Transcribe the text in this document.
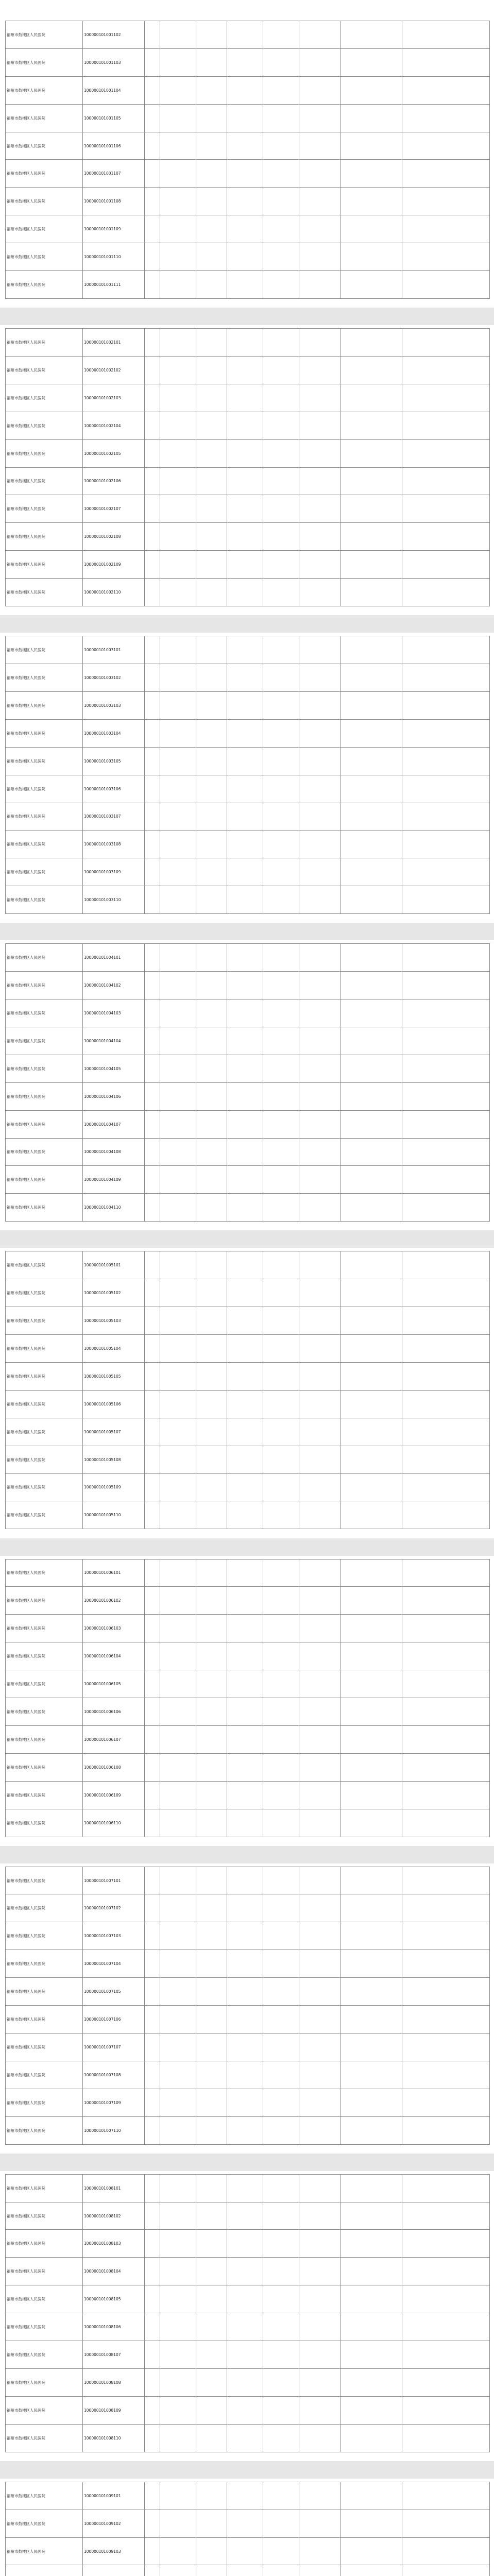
福州市鼓楼区人民医院	100000101001102								
福州市鼓楼区人民医院	100000101001103								
福州市鼓楼区人民医院	100000101001104								
福州市鼓楼区人民医院	100000101001105								
福州市鼓楼区人民医院	100000101001106								
福州市鼓楼区人民医院	100000101001107								
福州市鼓楼区人民医院	100000101001108								
福州市鼓楼区人民医院	100000101001109								
福州市鼓楼区人民医院	100000101001110								
福州市鼓楼区人民医院	100000101001111								
福州市鼓楼区人民医院	100000101002101								
福州市鼓楼区人民医院	100000101002102								
福州市鼓楼区人民医院	100000101002103								
福州市鼓楼区人民医院	100000101002104								
福州市鼓楼区人民医院	100000101002105								
福州市鼓楼区人民医院	100000101002106								
福州市鼓楼区人民医院	100000101002107								
福州市鼓楼区人民医院	100000101002108								
福州市鼓楼区人民医院	100000101002109								
福州市鼓楼区人民医院	100000101002110								
福州市鼓楼区人民医院	100000101003101								
福州市鼓楼区人民医院	100000101003102								
福州市鼓楼区人民医院	100000101003103								
福州市鼓楼区人民医院	100000101003104								
福州市鼓楼区人民医院	100000101003105								
福州市鼓楼区人民医院	100000101003106								
福州市鼓楼区人民医院	100000101003107								
福州市鼓楼区人民医院	100000101003108								
福州市鼓楼区人民医院	100000101003109								
福州市鼓楼区人民医院	100000101003110								
福州市鼓楼区人民医院	100000101004101								
福州市鼓楼区人民医院	100000101004102								
福州市鼓楼区人民医院	100000101004103								
福州市鼓楼区人民医院	100000101004104								
福州市鼓楼区人民医院	100000101004105								
福州市鼓楼区人民医院	100000101004106								
福州市鼓楼区人民医院	100000101004107								
福州市鼓楼区人民医院	100000101004108								
福州市鼓楼区人民医院	100000101004109								
福州市鼓楼区人民医院	100000101004110								
福州市鼓楼区人民医院	100000101005101								
福州市鼓楼区人民医院	100000101005102								
福州市鼓楼区人民医院	100000101005103								
福州市鼓楼区人民医院	100000101005104								
福州市鼓楼区人民医院	100000101005105								
福州市鼓楼区人民医院	100000101005106								
福州市鼓楼区人民医院	100000101005107								
福州市鼓楼区人民医院	100000101005108								
福州市鼓楼区人民医院	100000101005109								
福州市鼓楼区人民医院	100000101005110								
福州市鼓楼区人民医院	100000101006101								
福州市鼓楼区人民医院	100000101006102								
福州市鼓楼区人民医院	100000101006103								
福州市鼓楼区人民医院	100000101006104								
福州市鼓楼区人民医院	100000101006105								
福州市鼓楼区人民医院	100000101006106								
福州市鼓楼区人民医院	100000101006107								
福州市鼓楼区人民医院	100000101006108								
福州市鼓楼区人民医院	100000101006109								
福州市鼓楼区人民医院	100000101006110								
福州市鼓楼区人民医院	100000101007101								
福州市鼓楼区人民医院	100000101007102								
福州市鼓楼区人民医院	100000101007103								
福州市鼓楼区人民医院	100000101007104								
福州市鼓楼区人民医院	100000101007105								
福州市鼓楼区人民医院	100000101007106								
福州市鼓楼区人民医院	100000101007107								
福州市鼓楼区人民医院	100000101007108								
福州市鼓楼区人民医院	100000101007109								
福州市鼓楼区人民医院	100000101007110								
福州市鼓楼区人民医院	100000101008101								
福州市鼓楼区人民医院	100000101008102								
福州市鼓楼区人民医院	100000101008103								
福州市鼓楼区人民医院	100000101008104								
福州市鼓楼区人民医院	100000101008105								
福州市鼓楼区人民医院	100000101008106								
福州市鼓楼区人民医院	100000101008107								
福州市鼓楼区人民医院	100000101008108								
福州市鼓楼区人民医院	100000101008109								
福州市鼓楼区人民医院	100000101008110								
福州市鼓楼区人民医院	100000101009101								
福州市鼓楼区人民医院	100000101009102								
福州市鼓楼区人民医院	100000101009103								
